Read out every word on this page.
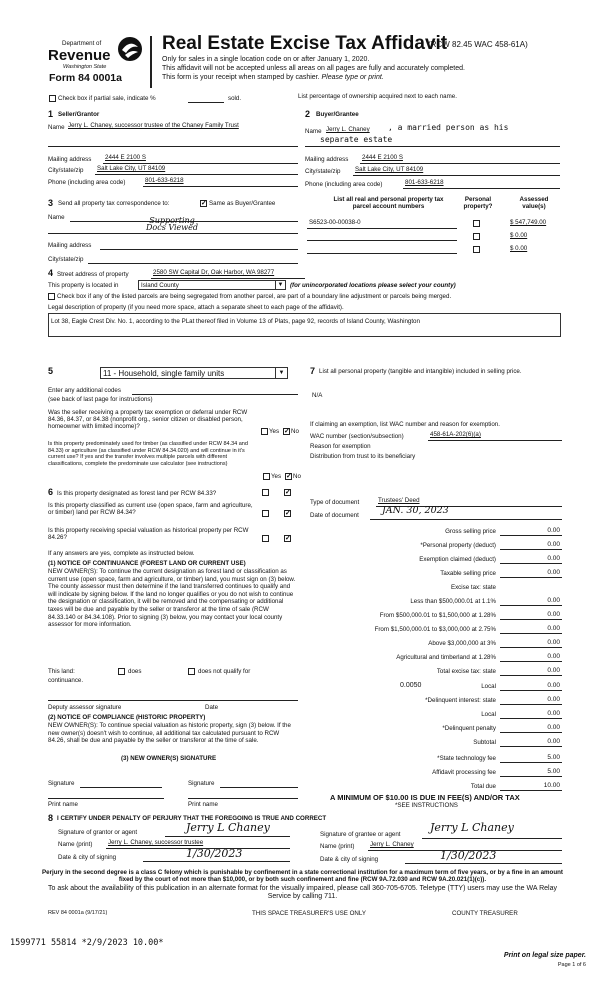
Department of
Revenue
Washington State
Form 84 0001a
Real Estate Excise Tax Affidavit
(RCW 82.45 WAC 458-61A)
Only for sales in a single location code on or after January 1, 2020.
This affidavit will not be accepted unless all areas on all pages are fully and accurately completed.
This form is your receipt when stamped by cashier. Please type or print.
Check box if partial sale, indicate %	sold.	List percentage of ownership acquired next to each name.
1 Seller/Grantor
Name Jerry L. Chaney, successor trustee of the Chaney Family Trust
Mailing address 2444 E 2100 S
City/state/zip Salt Lake City, UT 84109
Phone (including area code)	801-633-6218
2 Buyer/Grantee
Name Jerry L. Chaney , a married person as his
separate estate
Mailing address 2444 E 2100 S
City/state/zip Salt Lake City, UT 84109
Phone (including area code)	801-633-6218
3 Send all property tax correspondence to:	✓ Same as Buyer/Grantee
Name	Supporting
Docs Viewed
Mailing address
City/state/zip
List all real and personal property tax
parcel account numbers
Personal
property?
Assessed
value(s)
S6523-00-00038-0	$ 547,749.00
$ 0.00
$ 0.00
4 Street address of property	2580 SW Capital Dr, Oak Harbor, WA 98277
This property is located in	Island County	▼	(for unincorporated locations please select your county)
Check box if any of the listed parcels are being segregated from another parcel, are part of a boundary line adjustment or parcels being merged.
Legal description of property (if you need more space, attach a separate sheet to each page of the affidavit).
Lot 38, Eagle Crest Div. No. 1, according to the PLat thereof filed in Volume 13 of Plats, page 92, records of Island County, Washington
5	11 - Household, single family units	▼
Enter any additional codes
(see back of last page for instructions)
Was the seller receiving a property tax exemption or deferral under RCW 84.36, 84.37, or 84.38 (nonprofit org., senior citizen or disabled person, homeowner with limited income)?
Yes ✓ No
Is this property predominately used for timber (as classified under RCW 84.34 and 84.33) or agriculture (as classified under RCW 84.34.020) and will continue in it's current use? If yes and the transfer involves multiple parcels with different classifications, complete the predominate use calculator (see instructions)
Yes ✓ No
6 Is this property designated as forest land per RCW 84.33?	✓
Is this property classified as current use (open space, farm and agriculture, or timber) land per RCW 84.34?	✓
Is this property receiving special valuation as historical property per RCW 84.26?	✓
If any answers are yes, complete as instructed below.
(1) NOTICE OF CONTINUANCE (FOREST LAND OR CURRENT USE)
NEW OWNER(S): To continue the current designation as forest land or classification as current use (open space, farm and agriculture, or timber) land, you must sign on (3) below. The county assessor must then determine if the land transferred continues to qualify and will indicate by signing below. If the land no longer qualifies or you do not wish to continue the designation or classification, it will be removed and the compensating or additional taxes will be due and payable by the seller or transferor at the time of sale (RCW 84.33.140 or 84.34.108). Prior to signing (3) below, you may contact your local county assessor for more information.
This land:	does	does not qualify for
continuance.
Deputy assessor signature	Date
(2) NOTICE OF COMPLIANCE (HISTORIC PROPERTY)
NEW OWNER(S): To continue special valuation as historic property, sign (3) below. If the new owner(s) doesn't wish to continue, all additional tax calculated pursuant to RCW 84.26, shall be due and payable by the seller or transferor at the time of sale.
(3) NEW OWNER(S) SIGNATURE
Signature	Signature
Print name	Print name
7 List all personal property (tangible and intangible) included in selling price.
N/A
If claiming an exemption, list WAC number and reason for exemption.
WAC number (section/subsection)	458-61A-202(6)(a)
Reason for exemption
Distribution from trust to its beneficiary
Type of document	Trustees' Deed
Date of document JAN. 30, 2023
Gross selling price	0.00
*Personal property (deduct)	0.00
Exemption claimed (deduct)	0.00
Taxable selling price	0.00
Excise tax: state
Less than $500,000.01 at 1.1%	0.00
From $500,000.01 to $1,500,000 at 1.28%	0.00
From $1,500,000.01 to $3,000,000 at 2.75%	0.00
Above $3,000,000 at 3%	0.00
Agricultural and timberland at 1.28%	0.00
Total excise tax: state	0.00
0.0050	Local	0.00
*Delinquent interest: state	0.00
Local	0.00
*Delinquent penalty	0.00
Subtotal	0.00
*State technology fee	5.00
Affidavit processing fee	5.00
Total due	10.00
A MINIMUM OF $10.00 IS DUE IN FEE(S) AND/OR TAX
*SEE INSTRUCTIONS
8 I CERTIFY UNDER PENALTY OF PERJURY THAT THE FOREGOING IS TRUE AND CORRECT
Signature of grantor or agent	Jerry L Chaney
Name (print)	Jerry L. Chaney, successor trustee
Date & city of signing	1/30/2023
Signature of grantee or agent
Jerry L Chaney
Name (print)	Jerry L. Chaney
Date & city of signing	1/30/2023
Perjury in the second degree is a class C felony which is punishable by confinement in a state correctional institution for a maximum term of five years, or by a fine in an amount fixed by the court of not more than $10,000, or by both such confinement and fine (RCW 9A.72.030 and RCW 9A.20.021(1)(c)).
To ask about the availability of this publication in an alternate format for the visually impaired, please call 360-705-6705. Teletype (TTY) users may use the WA Relay Service by calling 711.
REV 84 0001a (9/17/21)	THIS SPACE TREASURER'S USE ONLY	COUNTY TREASURER
1599771 55814 *2/9/2023 10.00*
Print on legal size paper.
Page 1 of 6
